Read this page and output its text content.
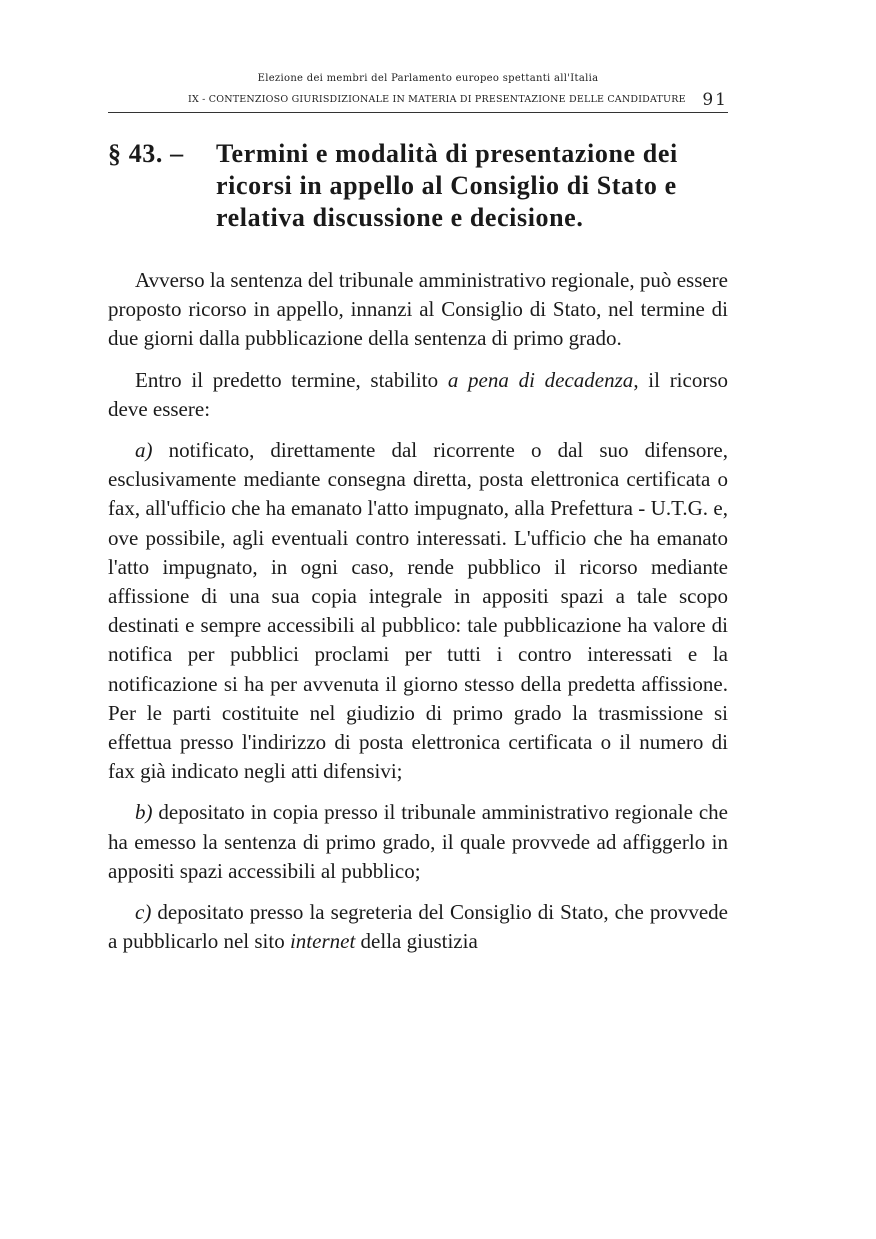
Elezione dei membri del Parlamento europeo spettanti all'Italia
IX - CONTENZIOSO GIURISDIZIONALE IN MATERIA DI PRESENTAZIONE DELLE CANDIDATURE 91
§ 43. – Termini e modalità di presentazione dei ricorsi in appello al Consiglio di Stato e relativa discussione e decisione.

Avverso la sentenza del tribunale amministrativo regionale, può essere proposto ricorso in appello, innanzi al Consiglio di Stato, nel termine di due giorni dalla pubblicazione della sentenza di primo grado.

Entro il predetto termine, stabilito a pena di decadenza, il ricorso deve essere:

a) notificato, direttamente dal ricorrente o dal suo difensore, esclusivamente mediante consegna diretta, posta elettronica certificata o fax, all'ufficio che ha emanato l'atto impugnato, alla Prefettura - U.T.G. e, ove possibile, agli eventuali contro interessati. L'ufficio che ha emanato l'atto impugnato, in ogni caso, rende pubblico il ricorso mediante affissione di una sua copia integrale in appositi spazi a tale scopo destinati e sempre accessibili al pubblico: tale pubblicazione ha valore di notifica per pubblici proclami per tutti i contro interessati e la notificazione si ha per avvenuta il giorno stesso della predetta affissione. Per le parti costituite nel giudizio di primo grado la trasmissione si effettua presso l'indirizzo di posta elettronica certificata o il numero di fax già indicato negli atti difensivi;

b) depositato in copia presso il tribunale amministrativo regionale che ha emesso la sentenza di primo grado, il quale provvede ad affiggerlo in appositi spazi accessibili al pubblico;

c) depositato presso la segreteria del Consiglio di Stato, che provvede a pubblicarlo nel sito internet della giustizia
